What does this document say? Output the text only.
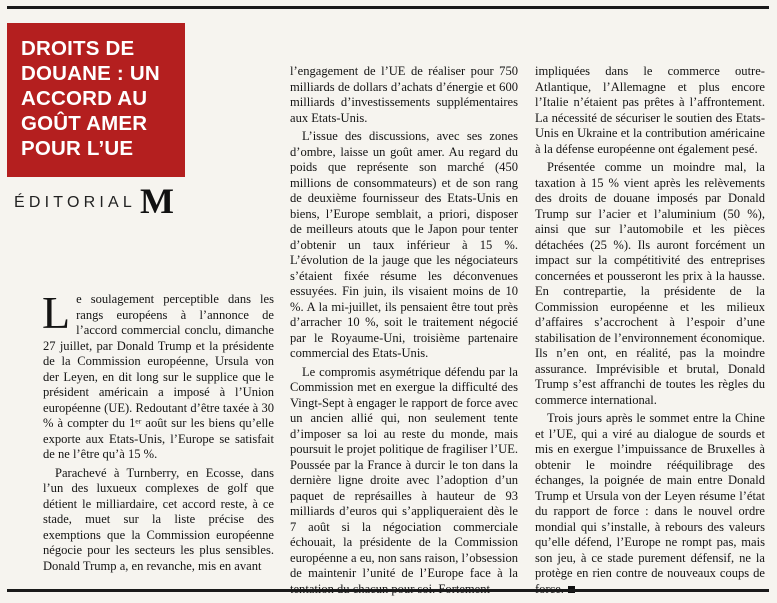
DROITS DE DOUANE : UN ACCORD AU GOÛT AMER POUR L’UE
ÉDITORIAL M

Le soulagement perceptible dans les rangs européens à l’annonce de l’accord commercial conclu, dimanche 27 juillet, par Donald Trump et la présidente de la Commission européenne, Ursula von der Leyen, en dit long sur le supplice que le président américain a imposé à l’Union européenne (UE). Redoutant d’être taxée à 30 % à compter du 1ᵉʳ août sur les biens qu’elle exporte aux Etats-Unis, l’Europe se satisfait de ne l’être qu’à 15 %.

Parachevé à Turnberry, en Ecosse, dans l’un des luxueux complexes de golf que détient le milliardaire, cet accord reste, à ce stade, muet sur la liste précise des exemptions que la Commission européenne négocie pour les secteurs les plus sensibles. Donald Trump a, en revanche, mis en avant

l’engagement de l’UE de réaliser pour 750 milliards de dollars d’achats d’énergie et 600 milliards d’investissements supplémentaires aux Etats-Unis.

L’issue des discussions, avec ses zones d’ombre, laisse un goût amer. Au regard du poids que représente son marché (450 millions de consommateurs) et de son rang de deuxième fournisseur des Etats-Unis en biens, l’Europe semblait, a priori, disposer de meilleurs atouts que le Japon pour tenter d’obtenir un taux inférieur à 15 %. L’évolution de la jauge que les négociateurs s’étaient fixée résume les déconvenues essuyées. Fin juin, ils visaient moins de 10 %. A la mi-juillet, ils pensaient être tout près d’arracher 10 %, soit le traitement négocié par le Royaume-Uni, troisième partenaire commercial des Etats-Unis.

Le compromis asymétrique défendu par la Commission met en exergue la difficulté des Vingt-Sept à engager le rapport de force avec un ancien allié qui, non seulement tente d’imposer sa loi au reste du monde, mais poursuit le projet politique de fragiliser l’UE. Poussée par la France à durcir le ton dans la dernière ligne droite avec l’adoption d’un paquet de représailles à hauteur de 93 milliards d’euros qui s’appliqueraient dès le 7 août si la négociation commerciale échouait, la présidente de la Commission européenne a eu, non sans raison, l’obsession de maintenir l’unité de l’Europe face à la

impliquées dans le commerce outre-Atlantique, l’Allemagne et plus encore l’Italie n’étaient pas prêtes à l’affrontement. La nécessité de sécuriser le soutien des Etats-Unis en Ukraine et la contribution américaine à la défense européenne ont également pesé.

Présentée comme un moindre mal, la taxation à 15 % vient après les relèvements des droits de douane imposés par Donald Trump sur l’acier et l’aluminium (50 %), ainsi que sur l’automobile et les pièces détachées (25 %). Ils auront forcément un impact sur la compétitivité des entreprises concernées et pousseront les prix à la hausse. En contrepartie, la présidente de la Commission européenne et les milieux d’affaires s’accrochent à l’espoir d’une stabilisation de l’environnement économique. Ils n’en ont, en réalité, pas la moindre assurance. Imprévisible et brutal, Donald Trump s’est affranchi de toutes les règles du commerce international.

Trois jours après le sommet entre la Chine et l’UE, qui a viré au dialogue de sourds et mis en exergue l’impuissance de Bruxelles à obtenir le moindre rééquilibrage des échanges, la poignée de main entre Donald Trump et Ursula von der Leyen résume l’état du rapport de force : dans le nouvel ordre mondial qui s’installe, à rebours des valeurs qu’elle défend, l’Europe ne rompt pas, mais son jeu, à ce stade purement défensif, ne la protège en rien contre de nouveaux coups de
